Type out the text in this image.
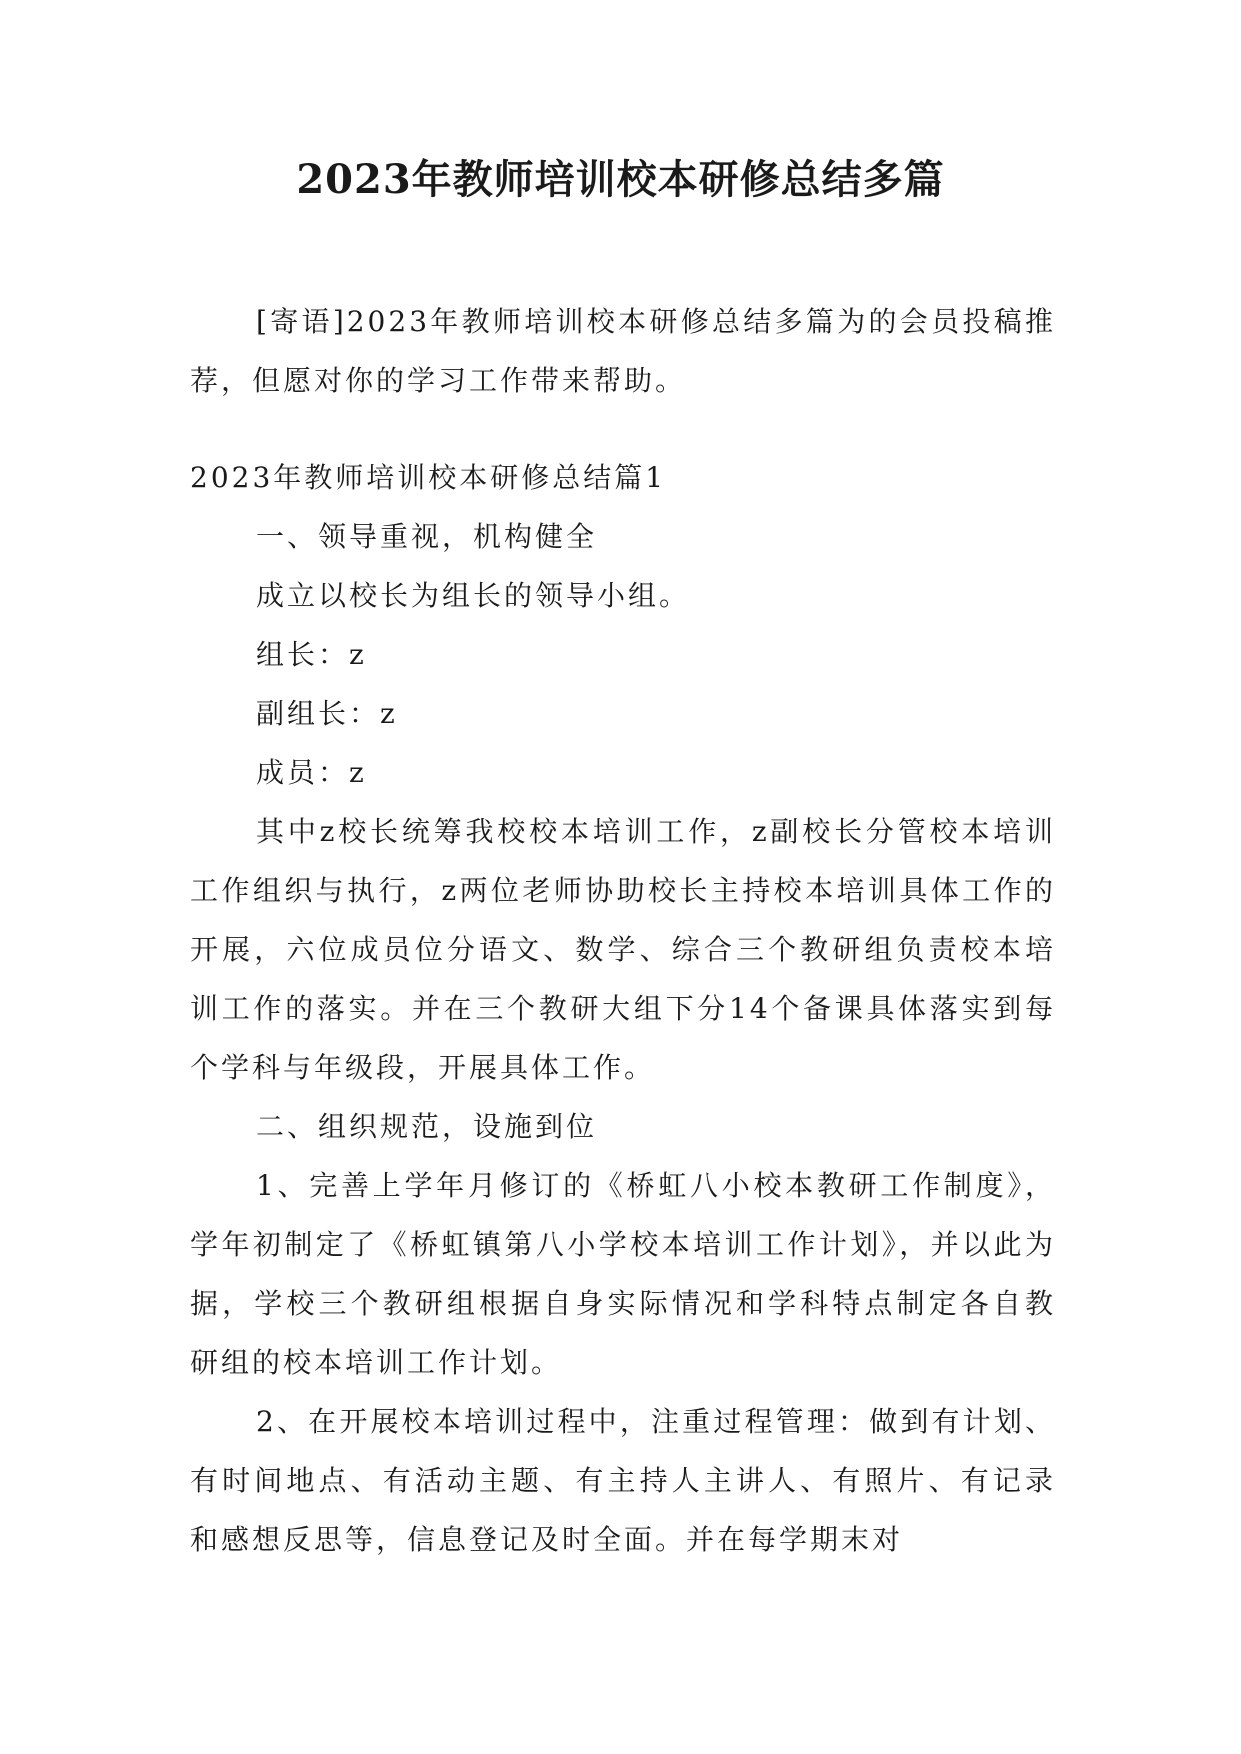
2023年教师培训校本研修总结多篇

[寄语]2023年教师培训校本研修总结多篇为的会员投稿推荐，但愿对你的学习工作带来帮助。

2023年教师培训校本研修总结篇1

一、领导重视，机构健全

成立以校长为组长的领导小组。

组长：z

副组长：z

成员：z

其中z校长统筹我校校本培训工作，z副校长分管校本培训工作组织与执行，z两位老师协助校长主持校本培训具体工作的开展，六位成员位分语文、数学、综合三个教研组负责校本培训工作的落实。并在三个教研大组下分14个备课具体落实到每个学科与年级段，开展具体工作。

二、组织规范，设施到位

1、完善上学年月修订的《桥虹八小校本教研工作制度》，学年初制定了《桥虹镇第八小学校本培训工作计划》，并以此为据，学校三个教研组根据自身实际情况和学科特点制定各自教研组的校本培训工作计划。

2、在开展校本培训过程中，注重过程管理：做到有计划、有时间地点、有活动主题、有主持人主讲人、有照片、有记录和感想反思等，信息登记及时全面。并在每学期末对
